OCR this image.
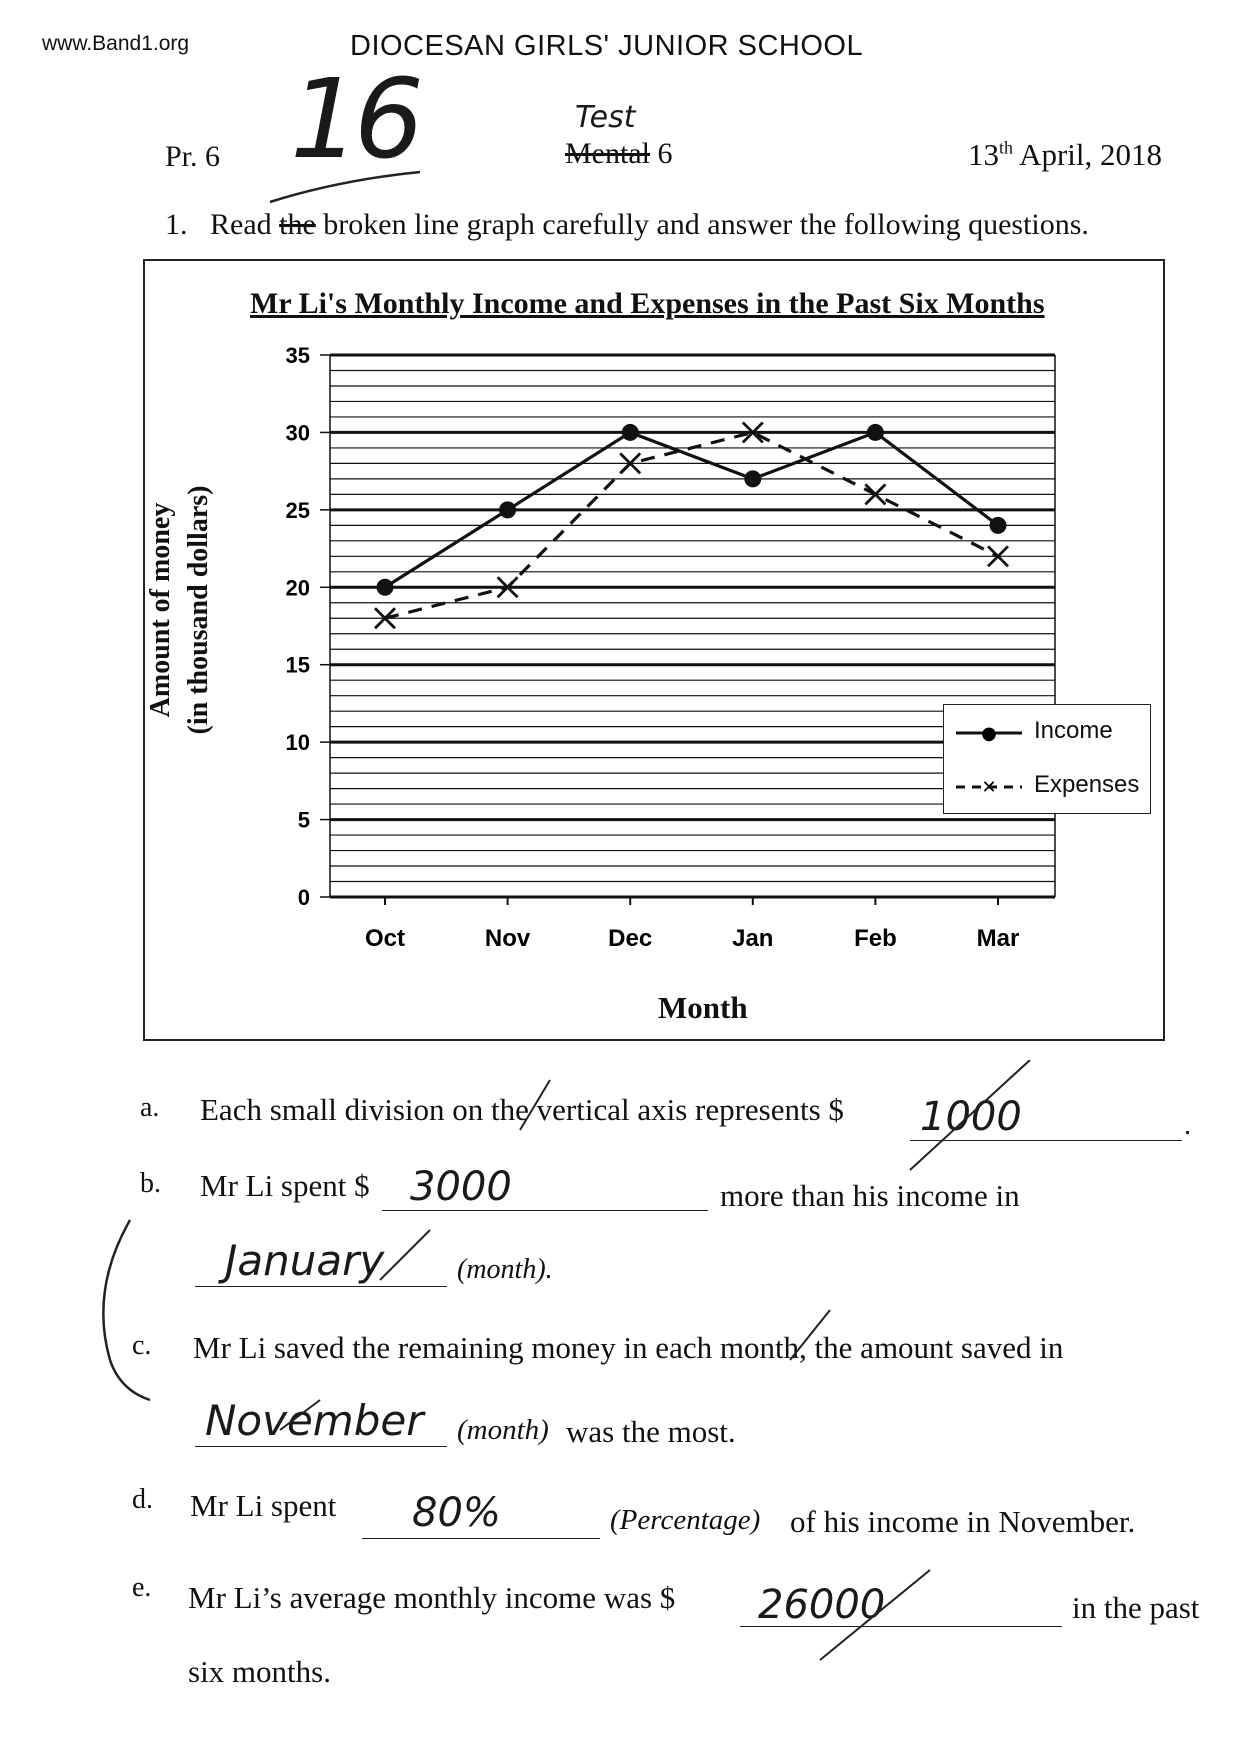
www.Band1.org	DIOCESAN GIRLS' JUNIOR SCHOOL
Pr. 6 16	Test
Mental 6	13th April, 2018
1. Read the broken line graph carefully and answer the following questions.
Mr Li's Monthly Income and Expenses in the Past Six Months
0
5
10
15
20
25
30
35
Oct	Nov	Dec	Jan	Feb	Mar
● Income
✕ Expenses
Amount of money (in thousand dollars)
Month
a. Each small division on the vertical axis represents $ 1000	.
b. Mr Li spent $ 3000	more than his income in
January	(month).
c. Mr Li saved the remaining money in each month, the amount saved in
November (month) was the most.
d. Mr Li spent 80%	(Percentage) of his income in November.
e. Mr Li’s average monthly income was $ 26000	in the past
six months.
